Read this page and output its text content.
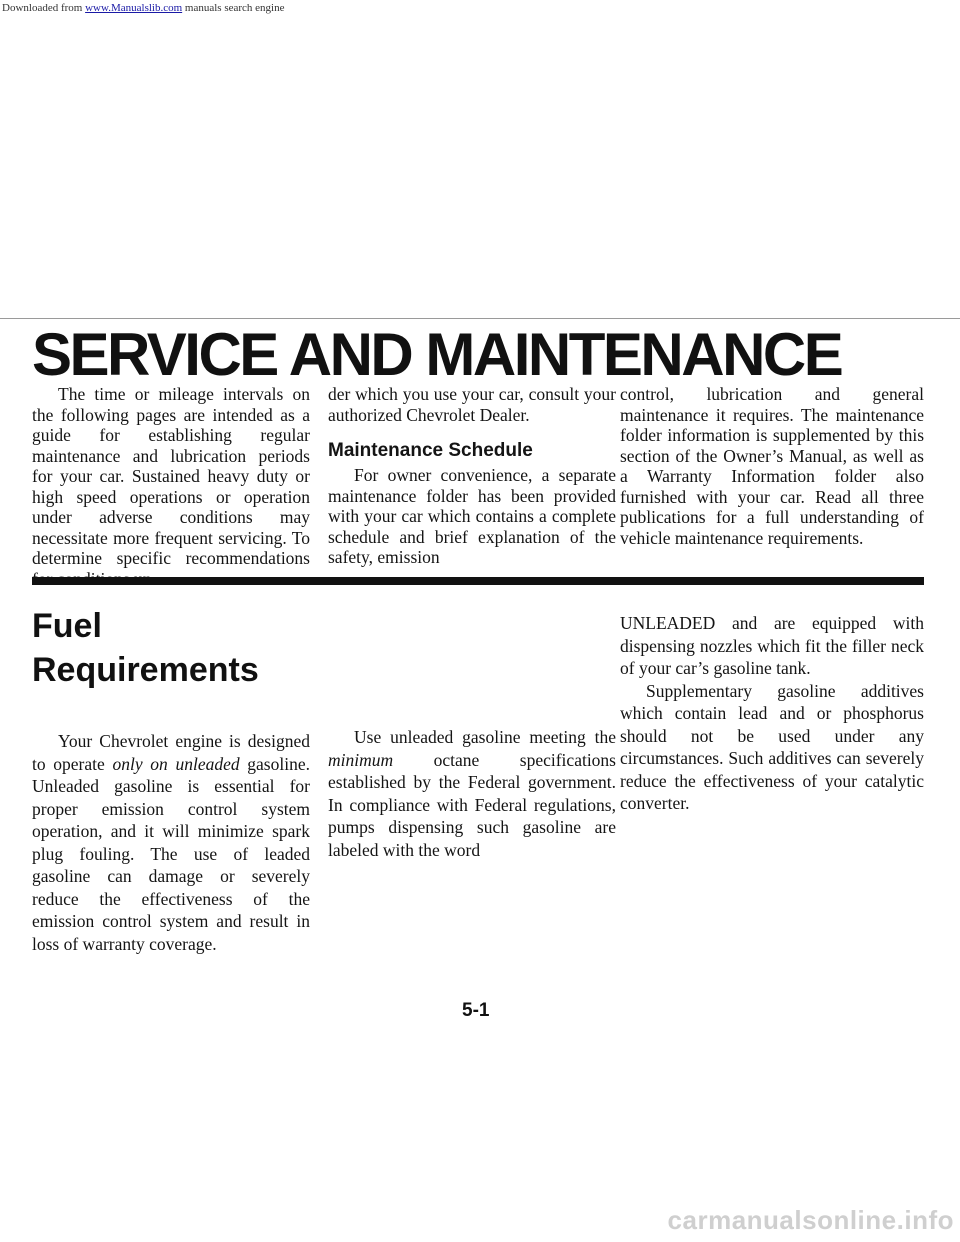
Downloaded from www.Manualslib.com manuals search engine
SERVICE AND MAINTENANCE

The time or mileage intervals on the following pages are intended as a guide for establishing regular maintenance and lubrication periods for your car. Sustained heavy duty or high speed operations or operation under adverse conditions may necessitate more frequent servicing. To determine specific recommendations

der which you use your car, consult your authorized Chevrolet Dealer.

Maintenance Schedule

For owner convenience, a separate maintenance folder has been provided with your car which contains a complete schedule and brief explanation of the safety, emission

control, lubrication and general maintenance it requires. The maintenance folder information is supplemented by this section of the Owner’s Manual, as well as a Warranty Information folder also furnished with your car. Read all three publications for a full understanding of vehicle maintenance requirements.

Fuel
Requirements

Your Chevrolet engine is designed to operate only on unleaded gasoline. Unleaded gasoline is essential for proper emission control system operation, and it will minimize spark plug fouling. The use of leaded gasoline can damage or severely reduce the effectiveness of the emission control system and result in loss of warranty coverage.

Use unleaded gasoline meeting the minimum octane specifications established by the Federal government. In compliance with Federal regulations, pumps dispensing such gasoline are labeled with the word

UNLEADED and are equipped with dispensing nozzles which fit the filler neck of your car’s gasoline tank.

Supplementary gasoline additives which contain lead and or phosphorus should not be used under any circumstances. Such additives can severely reduce the effectiveness of your catalytic converter.

5-1
carmanualsonline.info
